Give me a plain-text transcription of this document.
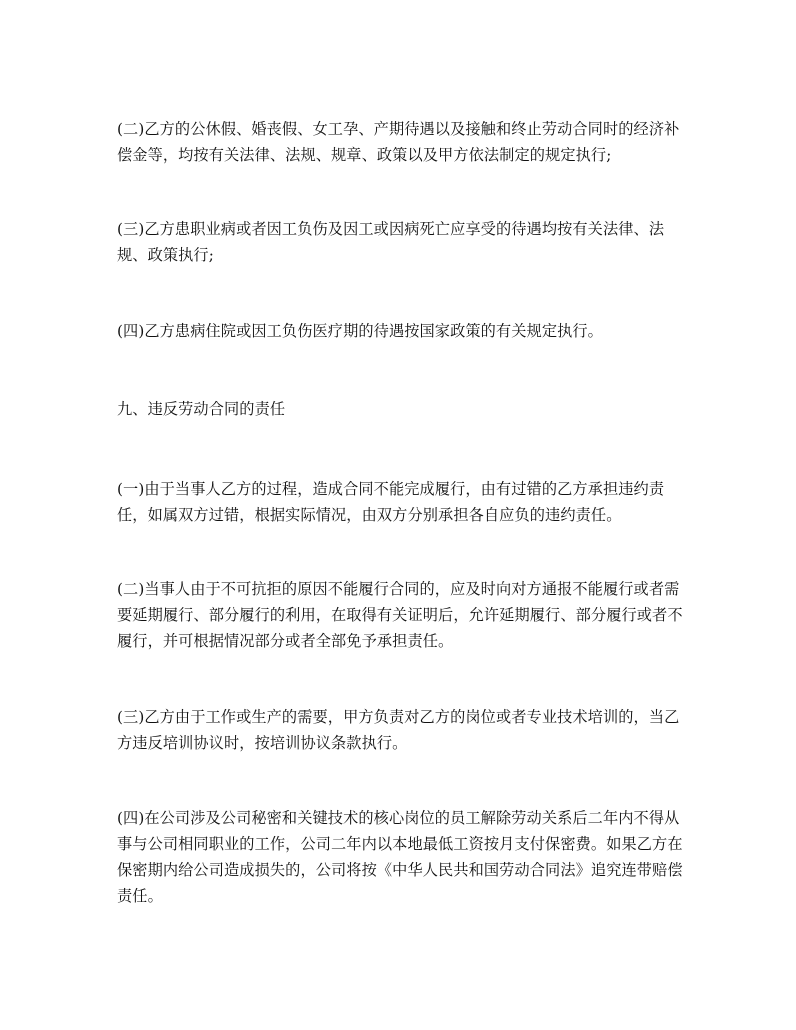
(二)乙方的公休假、婚丧假、女工孕、产期待遇以及接触和终止劳动合同时的经济补偿金等，均按有关法律、法规、规章、政策以及甲方依法制定的规定执行;

(三)乙方患职业病或者因工负伤及因工或因病死亡应享受的待遇均按有关法律、法规、政策执行;

(四)乙方患病住院或因工负伤医疗期的待遇按国家政策的有关规定执行。

九、违反劳动合同的责任

(一)由于当事人乙方的过程，造成合同不能完成履行，由有过错的乙方承担违约责任，如属双方过错，根据实际情况，由双方分别承担各自应负的违约责任。

(二)当事人由于不可抗拒的原因不能履行合同的，应及时向对方通报不能履行或者需要延期履行、部分履行的利用，在取得有关证明后，允许延期履行、部分履行或者不履行，并可根据情况部分或者全部免予承担责任。

(三)乙方由于工作或生产的需要，甲方负责对乙方的岗位或者专业技术培训的，当乙方违反培训协议时，按培训协议条款执行。

(四)在公司涉及公司秘密和关键技术的核心岗位的员工解除劳动关系后二年内不得从事与公司相同职业的工作，公司二年内以本地最低工资按月支付保密费。如果乙方在保密期内给公司造成损失的，公司将按《中华人民共和国劳动合同法》追究连带赔偿责任。
